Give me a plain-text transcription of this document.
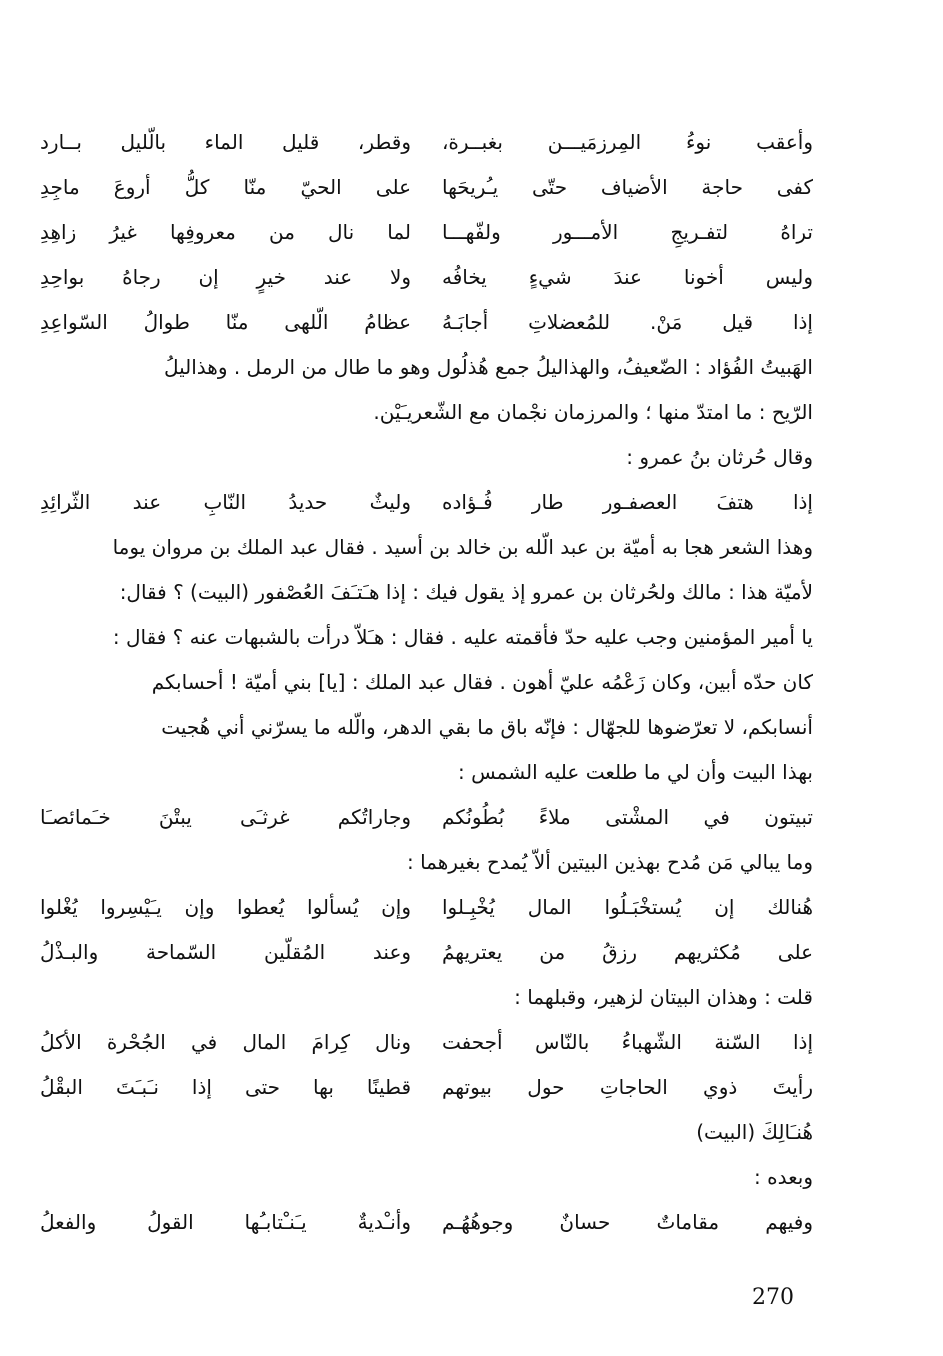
وأعقب نوءُ المِرزمَيـــن بغبــرة،
وقطر، قليل الماء بالّليل بــارد
كفى حاجة الأضياف حتّى يـُريحَها
على الحيّ منّا كلُّ أروعَ ماجِدِ
تراهُ لتفـريجِ الأمـــور ولفّهـــا
لما نال من معروفِها غيرُ زاهِدِ
وليس أخونا عندَ شيءٍ يخافُه
ولا عند خيرٍ إن رجاهُ بواحِدِ
إذا قيل مَنْ. للمُعضلاتِ أجابَـهُ
عظامُ الّلهى منّا طوالُ السّواعِدِ
الهَبيتُ الفُؤاد : الضّعيفُ، والهذاليلُ جمع هُذلُول وهو ما طال من الرمل . وهذاليلُ
الرّيح : ما امتدّ منها ؛ والمرزمان نجْمان مع الشّعريـَيْن.
وقال حُرثان بنُ عمرو :
إذا هتفَ العصفـور طار فُـؤاده
وليثٌ حديدُ النّابِ عند الثّرائِدِ
وهذا الشعر هجا به أميّة بن عبد الّله بن خالد بن أسيد . فقال عبد الملك بن مروان يوما
لأميّة هذا : مالك ولحُرثان بن عمرو إذ يقول فيك : إذا هـَتـَفَ العُصْفور (البيت) ؟ فقال:
يا أمير المؤمنين وجب عليه حدّ فأقمته عليه . فقال : هـَلاّ درأت بالشبهات عنه ؟ فقال :
كان حدّه أبين، وكان زَعْمُه عليّ أهون . فقال عبد الملك : [يا] بني أميّة ! أحسابكم
أنسابكم، لا تعرّضوها للجهّال : فإنّه باق ما بقي الدهر، والّله ما يسرّني أني هُجيت
بهذا البيت وأن لي ما طلعت عليه الشمس :
تبيتون في المشْتى ملاءً بُطُونُكم
وجاراتُكم غرثـَى يبتْنَ خـَمائصـَا
وما يبالي مَن مُدح بهذين البيتين ألاّ يُمدح بغيرهما :
هُنالك إن يُستخْبَـلُوا المال يُخْبِـلوا
وإن يُسألوا يُعطوا وإن يـَيْسِروا يُغْلوا
على مُكثريهم رزقُ من يعتريهمُ
وعند المُقلّين السّماحة والبـذْلُ
قلت : وهذان البيتان لزهير، وقبلهما :
إذا السّنة الشّهباءُ بالنّاس أجحفت
ونال كِرامَ المال في الجُحْرة الأكلُ
رأيتَ ذوي الحاجاتِ حول بيوتهم
قطينًا بها حتى إذا نـَبـَتَ البقْلُ
هُنـَالِكَ (البيت)
وبعده :
وفيهم مقاماتٌ حسانٌ وجوهُهُـم
وأنـْديةٌ يـَنـْتابـُها القولُ والفعلُ
270
